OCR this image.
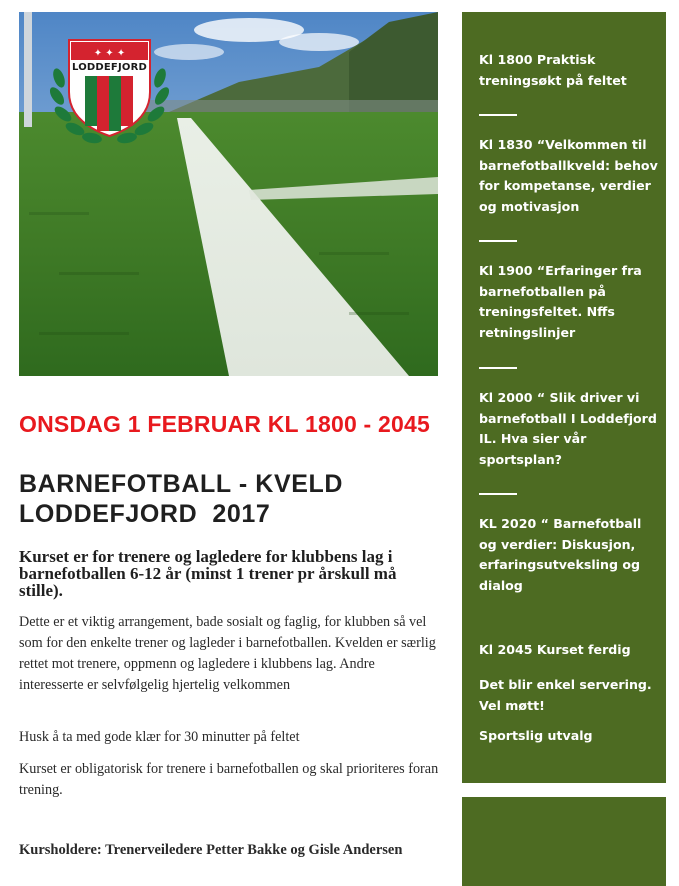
✦ ✦ ✦
LODDEFJORD
ONSDAG 1 FEBRUAR KL 1800 - 2045
BARNEFOTBALL - KVELD
LODDEFJORD  2017
Kurset er for trenere og lagledere for klubbens lag i barnefotballen 6-12 år (minst 1 trener pr årskull må stille).
Dette er et viktig arrangement, bade sosialt og faglig, for klubben så vel som for den enkelte trener og lagleder i barnefotballen. Kvelden er særlig rettet mot trenere, oppmenn og lagledere i klubbens lag. Andre interesserte er selvfølgelig hjertelig velkommen
Husk å ta med gode klær for 30 minutter på feltet
Kurset er obligatorisk for trenere i barnefotballen og skal prioriteres foran trening.
Kursholdere: Trenerveiledere Petter Bakke og Gisle Andersen
Kl 1800 Praktisk treningsøkt på feltet
Kl 1830 “Velkommen til barnefotballkveld: behov for kompetanse, verdier og motivasjon
Kl 1900 “Erfaringer fra barnefotballen på treningsfeltet. Nffs retningslinjer
Kl 2000 “ Slik driver vi barnefotball I Loddefjord IL. Hva sier vår sportsplan?
KL 2020 “ Barnefotball og verdier: Diskusjon, erfaringsutveksling og dialog
Kl 2045 Kurset ferdig
Det blir enkel servering. Vel møtt!
Sportslig utvalg
